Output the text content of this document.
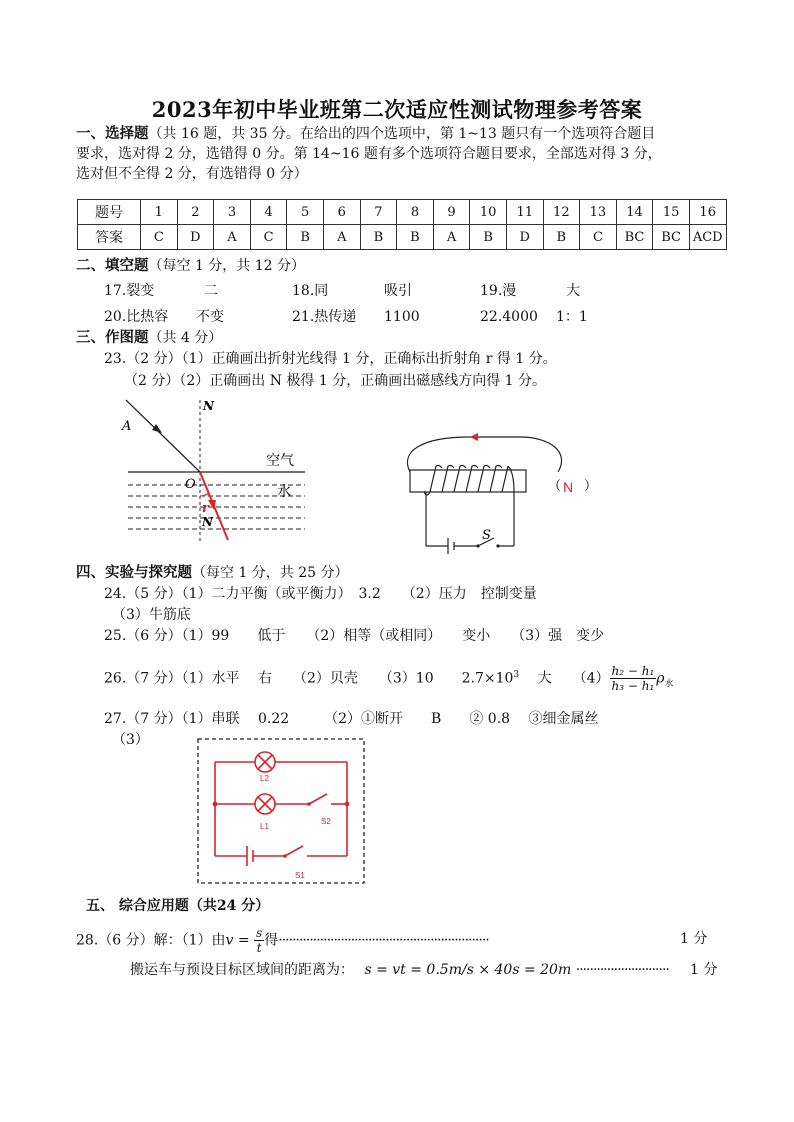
2023年初中毕业班第二次适应性测试物理参考答案
一、选择题（共 16 题，共 35 分。在给出的四个选项中，第 1~13 题只有一个选项符合题目
要求，选对得 2 分，选错得 0 分。第 14~16 题有多个选项符合题目要求，全部选对得 3 分，
选对但不全得 2 分，有选错得 0 分）
题号	1	2	3	4	5	6	7	8	9	10	11	12	13	14	15	16
答案	C	D	A	C	B	A	B	B	A	B	D	B	C	BC	BC	ACD
二、填空题（每空 1 分，共 12 分）
17.裂变	二	18.同	吸引	19.漫	大
20.比热容 不变	21.热传递 1100	22.4000 1：1
三、作图题（共 4 分）
23.（2 分）（1）正确画出折射光线得 1 分，正确标出折射角 r 得 1 分。
（2 分）（2）正确画出 N 极得 1 分，正确画出磁感线方向得 1 分。
N
A
空气
O	水
r
N
S
（ N ）
四、实验与探究题（每空 1 分，共 25 分）
24.（5 分）（1）二力平衡（或平衡力）　3.2　　（2）压力　控制变量
（3）牛筋底
25.（6 分）（1）99　　低于　　（2）相等（或相同）　　变小　　（3）强　变少
26.（7 分）（1）水平　 右　　（2）贝壳　　（3）10　　$2.7\times 10^3$　 大　　$(4) \frac{\text{h₂ − h₁}}{\text{h₃ − h₁}} \rho_水$
27.（7 分）（1）串联　 0.22　　　（2）①断开　　B　　② 0.8　 ③细金属丝
（3）
L2
L1
S2
S1
五、 综合应用题（共24 分）
28.（6 分）解：（1）由$v = \frac{s}{t}$ 得·····························································	1 分
搬运车与预设目标区域间的距离为： s = vt = 0.5m/s × 40s = 20m ··························· 1 分
